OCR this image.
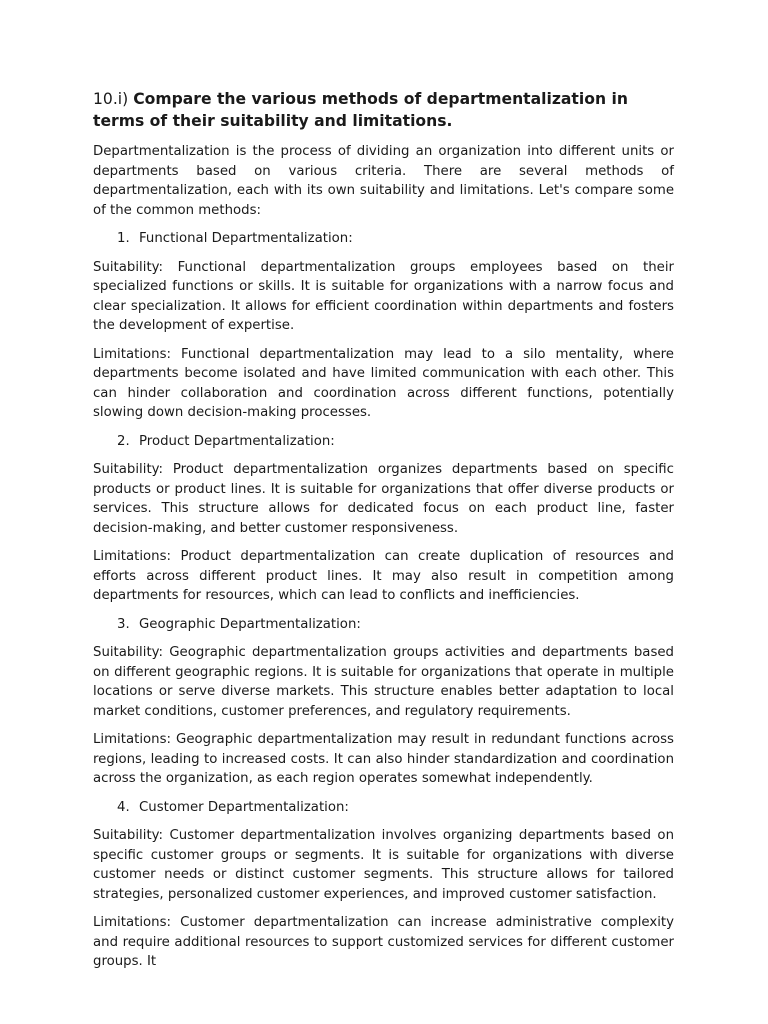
10.i) Compare the various methods of departmentalization in terms of their suitability and limitations.

Departmentalization is the process of dividing an organization into different units or departments based on various criteria. There are several methods of departmentalization, each with its own suitability and limitations. Let's compare some of the common methods:

1. Functional Departmentalization:

Suitability: Functional departmentalization groups employees based on their specialized functions or skills. It is suitable for organizations with a narrow focus and clear specialization. It allows for efficient coordination within departments and fosters the development of expertise.

Limitations: Functional departmentalization may lead to a silo mentality, where departments become isolated and have limited communication with each other. This can hinder collaboration and coordination across different functions, potentially slowing down decision-making processes.

2. Product Departmentalization:

Suitability: Product departmentalization organizes departments based on specific products or product lines. It is suitable for organizations that offer diverse products or services. This structure allows for dedicated focus on each product line, faster decision-making, and better customer responsiveness.

Limitations: Product departmentalization can create duplication of resources and efforts across different product lines. It may also result in competition among departments for resources, which can lead to conflicts and inefficiencies.

3. Geographic Departmentalization:

Suitability: Geographic departmentalization groups activities and departments based on different geographic regions. It is suitable for organizations that operate in multiple locations or serve diverse markets. This structure enables better adaptation to local market conditions, customer preferences, and regulatory requirements.

Limitations: Geographic departmentalization may result in redundant functions across regions, leading to increased costs. It can also hinder standardization and coordination across the organization, as each region operates somewhat independently.

4. Customer Departmentalization:

Suitability: Customer departmentalization involves organizing departments based on specific customer groups or segments. It is suitable for organizations with diverse customer needs or distinct customer segments. This structure allows for tailored strategies, personalized customer experiences, and improved customer satisfaction.

Limitations: Customer departmentalization can increase administrative complexity and require additional resources to support customized services for different customer groups. It
